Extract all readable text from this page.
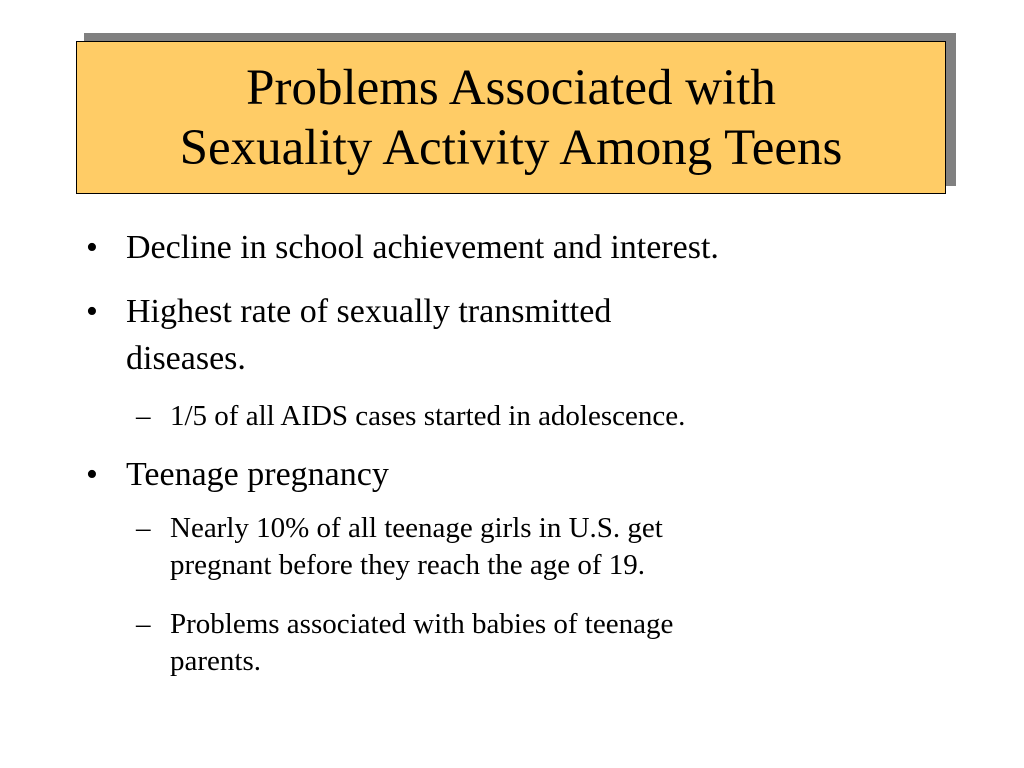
Problems Associated with
Sexuality Activity Among Teens
• Decline in school achievement and interest.
• Highest rate of sexually transmitted
diseases.
– 1/5 of all AIDS cases started in adolescence.
• Teenage pregnancy
– Nearly 10% of all teenage girls in U.S. get
pregnant before they reach the age of 19.
– Problems associated with babies of teenage
parents.
